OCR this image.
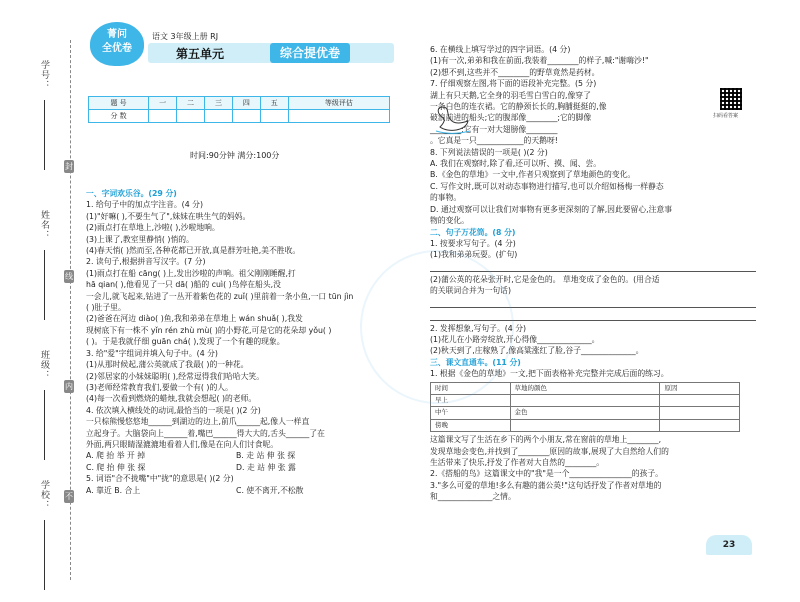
学号：
姓名：
班级：
学校：
封
线
内
不
菁问
全优卷
语文 3年级上册 RJ
第五单元	综合提优卷
题 号	一	二	三	四	五	等级评估
分 数						
时间:90分钟 满分:100分

一、字词欢乐谷。(29 分)

1. 给句子中的加点字注音。(4 分)

(1)"好嘛( ),不要生气了",妹妹在哄生气的妈妈。

(2)雨点打在草地上,沙啦( ),沙啦地响。

(3)上课了,教室里静悄( )悄的。

(4)春天悄( )然而至,各种花都已开放,真是群芳吐艳,美不胜收。

2. 读句子,根据拼音写汉字。(7 分)

(1)雨点打在船 cāng( )上,发出沙啦的声响。祖父刚刚睡醒,打

hā qian( ),他看见了一只 dā( )船的 cuì( )鸟停在船头,没

一会儿,就飞起来,钻进了一丛开着紫色花的 zuǐ( )里前着一条小鱼,一口 tūn jìn

( )肚子里。

(2)爸爸在河边 diào( )鱼,我和弟弟在草地上 wán shuǎ( ),我发

现树底下有一株不 yǐn rén zhù mù( )的小野花,可是它的花朵却 yǒu( )

( )。于是我就仔细 guān chá( ),发现了一个有趣的现象。

3. 给"爱"字组词并填入句子中。(4 分)

(1)从那时候起,蒲公英就成了我最( )的一种花。

(2)邻居家的小妹妹聪明( ),经常逗得我们哈哈大笑。

(3)老师经常教育我们,要做一个有( )的人。

(4)每一次看到燃烧的蜡烛,我就会想起( )的老师。

4. 依次填入横线处的动词,最恰当的一项是( )(2 分)

一只棕熊慢悠悠地______到湖边的边上,前爪______起,像人一样直

立起身子。大脑袋向上______着,嘴巴______得大大的,舌头______了在

外面,两只眼睛湿漉漉地看着人们,像是在向人们讨食呢。

A. 爬 抬 举 开 掉	B. 走 站 伸 张 探

C. 爬 抬 伸 张 探	D. 走 站 伸 张 露

5. 词语"合不拢嘴"中"拢"的意思是( )(2 分)

A. 靠近 B. 合上	C. 使不离开,不松散

6. 在横线上填写学过的四字词语。(4 分)

(1)有一次,弟弟和我在前面,我装着________的样子,喊:"谢嗨沙!"

(2)想不到,这些并不________的野草竟然是药材。

7. 仔细观察左图,将下面的语段补充完整。(5 分)

湖上有只天鹅,它全身的羽毛雪白雪白的,像穿了

一条白色的连衣裙。它的静颈长长的,胸脯挺挺的,像

破浪前进的船头;它的腹部像________;它的脚像

________;它有一对大翅膀像________

。它真是一只____________的天鹅呀!

8. 下列说法错误的一项是( )(2 分)

A. 我们在观察时,除了看,还可以听、摸、闻、尝。

B.《金色的草地》一文中,作者只观察到了草地颜色的变化。

C. 写作文时,既可以对动态事物进行描写,也可以介绍如杨梅一样静态

的事物。

D. 通过观察可以让我们对事物有更多更深刻的了解,因此要留心,注意事

物的变化。

二、句子万花筒。(8 分)

1. 按要求写句子。(4 分)

(1)我和弟弟玩耍。(扩句)

(2)蒲公英的花朵张开时,它是金色的。 草地变成了金色的。(用合适

的关联词合并为一句话)

2. 发挥想象,写句子。(4 分)

(1)花儿在小路旁绽放,开心得像______________。

(2)秋天到了,庄稼熟了,像高粱涨红了脸,谷子______________。

三、课文直通车。(11 分)

1. 根据《金色的草地》一文,把下面表格补充完整并完成后面的练习。

时间	草地的颜色	原因
早上		
中午	金色	
傍晚		

这篇课文写了生活在乡下的两个小朋友,常在窗前的草地上________,

发现草地会变色,并找到了________原因的故事,展现了大自然给人们的

生活带来了快乐,抒发了作者对大自然的________。

2.《搭船的鸟》这篇课文中的"我"是一个________________的孩子。

3."多么可爱的草地!多么有趣的蒲公英!"这句话抒发了作者对草地的

和______________之情。

扫码看答案
23
